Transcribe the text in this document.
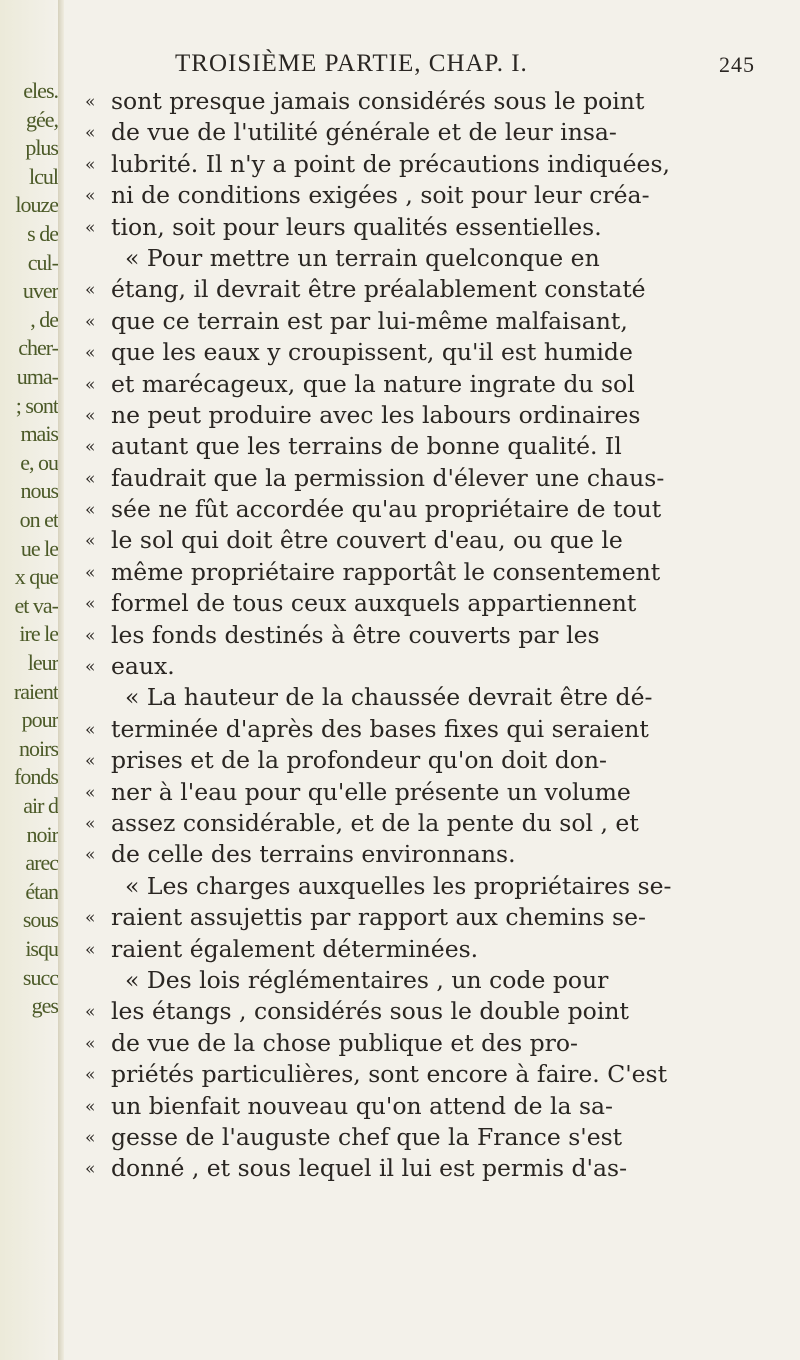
eles.
gée,
plus
lcul
louze
s de
cul-
uver
, de
cher-
uma-
; sont
mais
e, ou
nous
on et
ue le
x que
et va-
ire le
leur
raient
pour
noirs
fonds
air d
noir
arec
étan
sous
isqu
succ
ges
TROISIÈME PARTIE, CHAP. I.	245
« sont presque jamais considérés sous le point
« de vue de l'utilité générale et de leur insa-
« lubrité. Il n'y a point de précautions indiquées,
« ni de conditions exigées , soit pour leur créa-
« tion, soit pour leurs qualités essentielles.
« Pour mettre un terrain quelconque en
« étang, il devrait être préalablement constaté
« que ce terrain est par lui-même malfaisant,
« que les eaux y croupissent, qu'il est humide
« et marécageux, que la nature ingrate du sol
« ne peut produire avec les labours ordinaires
« autant que les terrains de bonne qualité. Il
« faudrait que la permission d'élever une chaus-
« sée ne fût accordée qu'au propriétaire de tout
« le sol qui doit être couvert d'eau, ou que le
« même propriétaire rapportât le consentement
« formel de tous ceux auxquels appartiennent
« les fonds destinés à être couverts par les
« eaux.
« La hauteur de la chaussée devrait être dé-
« terminée d'après des bases fixes qui seraient
« prises et de la profondeur qu'on doit don-
« ner à l'eau pour qu'elle présente un volume
« assez considérable, et de la pente du sol , et
« de celle des terrains environnans.
« Les charges auxquelles les propriétaires se-
« raient assujettis par rapport aux chemins se-
« raient également déterminées.
« Des lois réglémentaires , un code pour
« les étangs , considérés sous le double point
« de vue de la chose publique et des pro-
« priétés particulières, sont encore à faire. C'est
« un bienfait nouveau qu'on attend de la sa-
« gesse de l'auguste chef que la France s'est
« donné , et sous lequel il lui est permis d'as-
